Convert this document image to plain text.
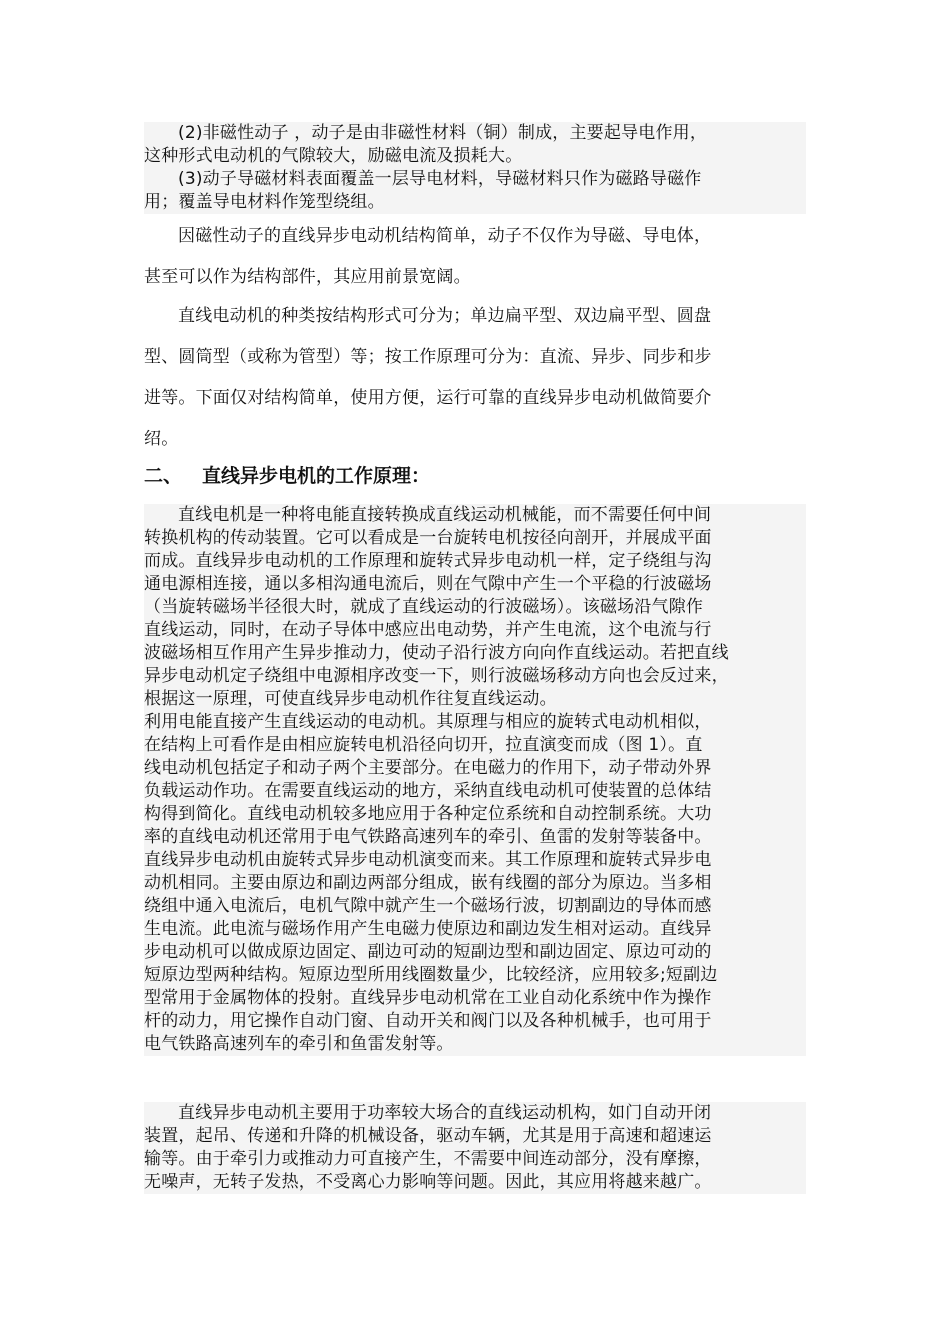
(2)非磁性动子 ，动子是由非磁性材料（铜）制成，主要起导电作用，

这种形式电动机的气隙较大，励磁电流及损耗大。

(3)动子导磁材料表面覆盖一层导电材料，导磁材料只作为磁路导磁作

用；覆盖导电材料作笼型绕组。

因磁性动子的直线异步电动机结构简单，动子不仅作为导磁、导电体，

甚至可以作为结构部件，其应用前景宽阔。

直线电动机的种类按结构形式可分为；单边扁平型、双边扁平型、圆盘

型、圆筒型（或称为管型）等；按工作原理可分为：直流、异步、同步和步

进等。下面仅对结构简单，使用方便，运行可靠的直线异步电动机做简要介

绍。

二、 直线异步电机的工作原理：

直线电机是一种将电能直接转换成直线运动机械能，而不需要任何中间

转换机构的传动装置。它可以看成是一台旋转电机按径向剖开，并展成平面

而成。直线异步电动机的工作原理和旋转式异步电动机一样，定子绕组与沟

通电源相连接，通以多相沟通电流后，则在气隙中产生一个平稳的行波磁场

（当旋转磁场半径很大时，就成了直线运动的行波磁场）。该磁场沿气隙作

直线运动，同时，在动子导体中感应出电动势，并产生电流，这个电流与行

波磁场相互作用产生异步推动力，使动子沿行波方向向作直线运动。若把直线

异步电动机定子绕组中电源相序改变一下，则行波磁场移动方向也会反过来，

根据这一原理，可使直线异步电动机作往复直线运动。

利用电能直接产生直线运动的电动机。其原理与相应的旋转式电动机相似，

在结构上可看作是由相应旋转电机沿径向切开，拉直演变而成（图 1）。直

线电动机包括定子和动子两个主要部分。在电磁力的作用下，动子带动外界

负载运动作功。在需要直线运动的地方，采纳直线电动机可使装置的总体结

构得到简化。直线电动机较多地应用于各种定位系统和自动控制系统。大功

率的直线电动机还常用于电气铁路高速列车的牵引、鱼雷的发射等装备中。

直线异步电动机由旋转式异步电动机演变而来。其工作原理和旋转式异步电

动机相同。主要由原边和副边两部分组成，嵌有线圈的部分为原边。当多相

绕组中通入电流后，电机气隙中就产生一个磁场行波，切割副边的导体而感

生电流。此电流与磁场作用产生电磁力使原边和副边发生相对运动。直线异

步电动机可以做成原边固定、副边可动的短副边型和副边固定、原边可动的

短原边型两种结构。短原边型所用线圈数量少，比较经济，应用较多;短副边

型常用于金属物体的投射。直线异步电动机常在工业自动化系统中作为操作

杆的动力，用它操作自动门窗、自动开关和阀门以及各种机械手，也可用于

电气铁路高速列车的牵引和鱼雷发射等。

直线异步电动机主要用于功率较大场合的直线运动机构，如门自动开闭

装置，起吊、传递和升降的机械设备，驱动车辆，尤其是用于高速和超速运

输等。由于牵引力或推动力可直接产生，不需要中间连动部分，没有摩擦，

无噪声，无转子发热，不受离心力影响等问题。因此，其应用将越来越广。
